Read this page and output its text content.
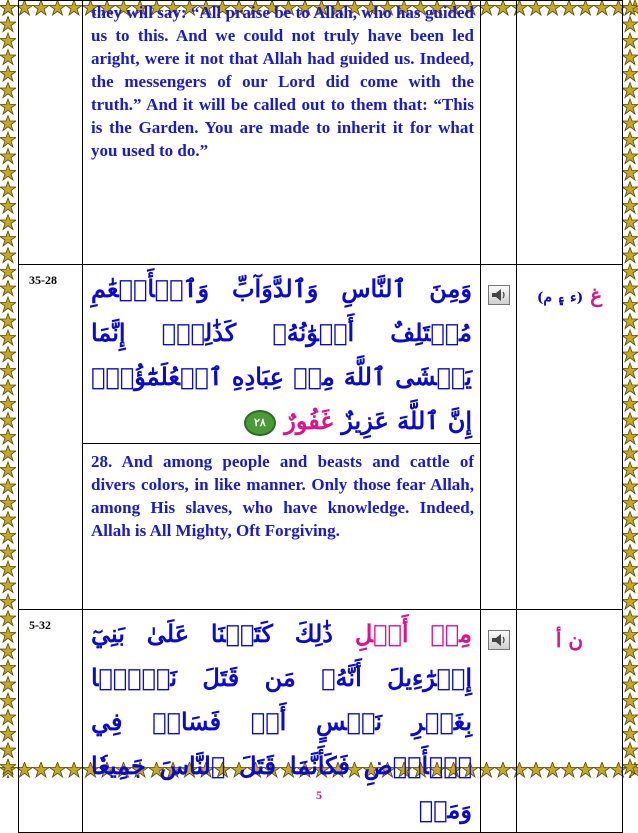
	they will say: “All praise be to Allah, who has guided us to this. And we could not truly have been led aright, were it not that Allah had guided us. Indeed, the messengers of our Lord did come with the truth.” And it will be called out to them that: “This is the Garden. You are made to inherit it for what you used to do.”		
35-28	وَمِنَ ٱلنَّاسِ وَٱلدَّوَآبِّ وَٱلۡأَنۡعَٰمِ مُخۡتَلِفٌ أَلۡوَٰنُهُۥ كَذَٰلِكَۗ إِنَّمَا يَخۡشَى ٱللَّهَ مِنۡ عِبَادِهِ ٱلۡعُلَمَٰٓؤُاْۗ إِنَّ ٱللَّهَ عَزِيزٌ غَفُورٌ ٢٨		غ (ء ۽ م)
	28. And among people and beasts and cattle of divers colors, in like manner. Only those fear Allah, among His slaves, who have knowledge. Indeed, Allah is All Mighty, Oft Forgiving.		
5-32	مِنۡ أَجۡلِ ذَٰلِكَ كَتَبۡنَا عَلَىٰ بَنِيٓ إِسۡرَٰٓءِيلَ أَنَّهُۥ مَن قَتَلَ نَفۡسَۢا بِغَيۡرِ نَفۡسٍ أَوۡ فَسَادٖ فِي ٱلۡأَرۡضِ فَكَأَنَّمَا قَتَلَ ٱلنَّاسَ جَمِيعٗا وَمَنۡ		ن أ
5
